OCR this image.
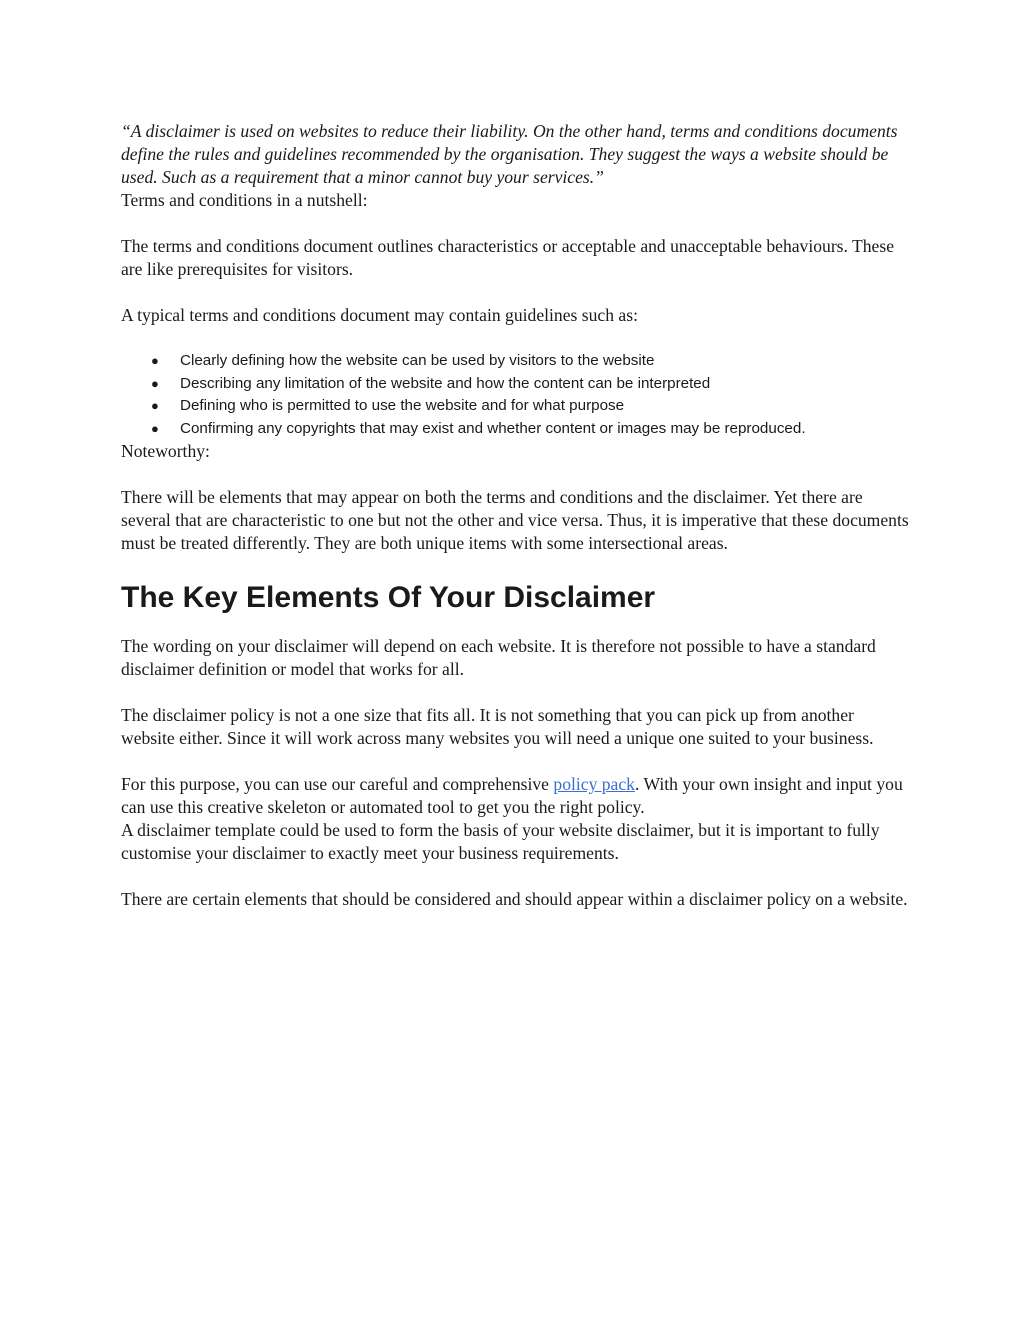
“A disclaimer is used on websites to reduce their liability. On the other hand, terms and conditions documents define the rules and guidelines recommended by the organisation. They suggest the ways a website should be used. Such as a requirement that a minor cannot buy your services.”

Terms and conditions in a nutshell:

The terms and conditions document outlines characteristics or acceptable and unacceptable behaviours. These are like prerequisites for visitors.

A typical terms and conditions document may contain guidelines such as:

● Clearly defining how the website can be used by visitors to the website
● Describing any limitation of the website and how the content can be interpreted
● Defining who is permitted to use the website and for what purpose
● Confirming any copyrights that may exist and whether content or images may be reproduced.

Noteworthy:

There will be elements that may appear on both the terms and conditions and the disclaimer. Yet there are several that are characteristic to one but not the other and vice versa. Thus, it is imperative that these documents must be treated differently. They are both unique items with some intersectional areas.

The Key Elements Of Your Disclaimer

The wording on your disclaimer will depend on each website. It is therefore not possible to have a standard disclaimer definition or model that works for all.

The disclaimer policy is not a one size that fits all. It is not something that you can pick up from another website either. Since it will work across many websites you will need a unique one suited to your business.

For this purpose, you can use our careful and comprehensive policy pack. With your own insight and input you can use this creative skeleton or automated tool to get you the right policy.

A disclaimer template could be used to form the basis of your website disclaimer, but it is important to fully customise your disclaimer to exactly meet your business requirements.

There are certain elements that should be considered and should appear within a disclaimer policy on a website.
